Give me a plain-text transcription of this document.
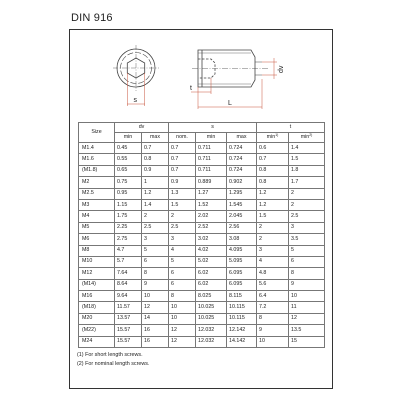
DIN 916
s
dv
t
L
Size	dv		s			t	
	min	max	nom.	min	max	$\min^{1)}$	$\min^{2)}$
M1.4	0.45	0.7	0.7	0.711	0.724	0.6	1.4
M1.6	0.55	0.8	0.7	0.711	0.724	0.7	1.5
(M1.8)	0.65	0.9	0.7	0.711	0.724	0.8	1.8
M2	0.75	1	0.9	0.889	0.902	0.8	1.7
M2.5	0.95	1.2	1.3	1.27	1.295	1.2	2
M3	1.15	1.4	1.5	1.52	1.545	1.2	2
M4	1.75	2	2	2.02	2.045	1.5	2.5
M5	2.25	2.5	2.5	2.52	2.56	2	3
M6	2.75	3	3	3.02	3.08	2	3.5
M8	4.7	5	4	4.02	4.095	3	5
M10	5.7	6	5	5.02	5.095	4	6
M12	7.64	8	6	6.02	6.095	4.8	8
(M14)	8.64	9	6	6.02	6.095	5.6	9
M16	9.64	10	8	8.025	8.115	6.4	10
(M18)	11.57	12	10	10.025	10.115	7.2	11
M20	13.57	14	10	10.025	10.115	8	12
(M22)	15.57	16	12	12.032	12.142	9	13.5
M24	15.57	16	12	12.032	14.142	10	15
(1) For short length screws.
(2) For nominal length screws.
